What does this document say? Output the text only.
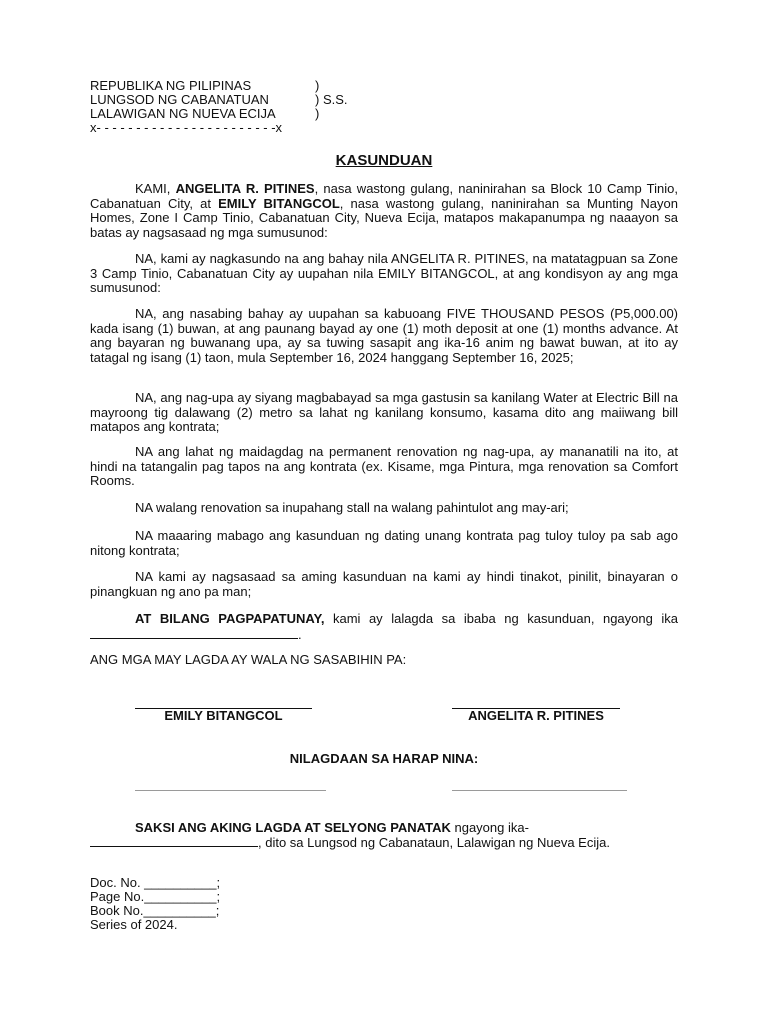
REPUBLIKA NG PILIPINAS
LUNGSOD NG CABANATUAN
LALAWIGAN NG NUEVA ECIJA
)
) S.S.
)
x- - - - - - - - - - - - - - - - - - - - - - -x
KASUNDUAN

KAMI, ANGELITA R. PITINES, nasa wastong gulang, naninirahan sa Block 10 Camp Tinio, Cabanatuan City, at EMILY BITANGCOL, nasa wastong gulang, naninirahan sa Munting Nayon Homes, Zone I Camp Tinio, Cabanatuan City, Nueva Ecija, matapos makapanumpa ng naaayon sa batas ay nagsasaad ng mga sumusunod:

NA, kami ay nagkasundo na ang bahay nila ANGELITA R. PITINES, na matatagpuan sa Zone 3 Camp Tinio, Cabanatuan City ay uupahan nila EMILY BITANGCOL, at ang kondisyon ay ang mga sumusunod:

NA, ang nasabing bahay ay uupahan sa kabuoang FIVE THOUSAND PESOS (P5,000.00) kada isang (1) buwan, at ang paunang bayad ay one (1) moth deposit at one (1) months advance. At ang bayaran ng buwanang upa, ay sa tuwing sasapit ang ika-16 anim ng bawat buwan, at ito ay tatagal ng isang (1) taon, mula September 16, 2024 hanggang September 16, 2025;

NA, ang nag-upa ay siyang magbabayad sa mga gastusin sa kanilang Water at Electric Bill na mayroong tig dalawang (2) metro sa lahat ng kanilang konsumo, kasama dito ang maiiwang bill matapos ang kontrata;

NA ang lahat ng maidagdag na permanent renovation ng nag-upa, ay mananatili na ito, at hindi na tatangalin pag tapos na ang kontrata (ex. Kisame, mga Pintura, mga renovation sa Comfort Rooms.

NA walang renovation sa inupahang stall na walang pahintulot ang may-ari;

NA maaaring mabago ang kasunduan ng dating unang kontrata pag tuloy tuloy pa sab ago nitong kontrata;

NA kami ay nagsasaad sa aming kasunduan na kami ay hindi tinakot, pinilit, binayaran o pinangkuan ng ano pa man;

AT BILANG PAGPAPATUNAY, kami ay lalagda sa ibaba ng kasunduan, ngayong ika .

ANG MGA MAY LAGDA AY WALA NG SASABIHIN PA:
EMILY BITANGCOL	ANGELITA R. PITINES
NILAGDAAN SA HARAP NINA:

SAKSI ANG AKING LAGDA AT SELYONG PANATAK ngayong ika-

, dito sa Lungsod ng Cabanataun, Lalawigan ng Nueva Ecija.
Doc. No. __________;
Page No.__________;
Book No.__________;
Series of 2024.
